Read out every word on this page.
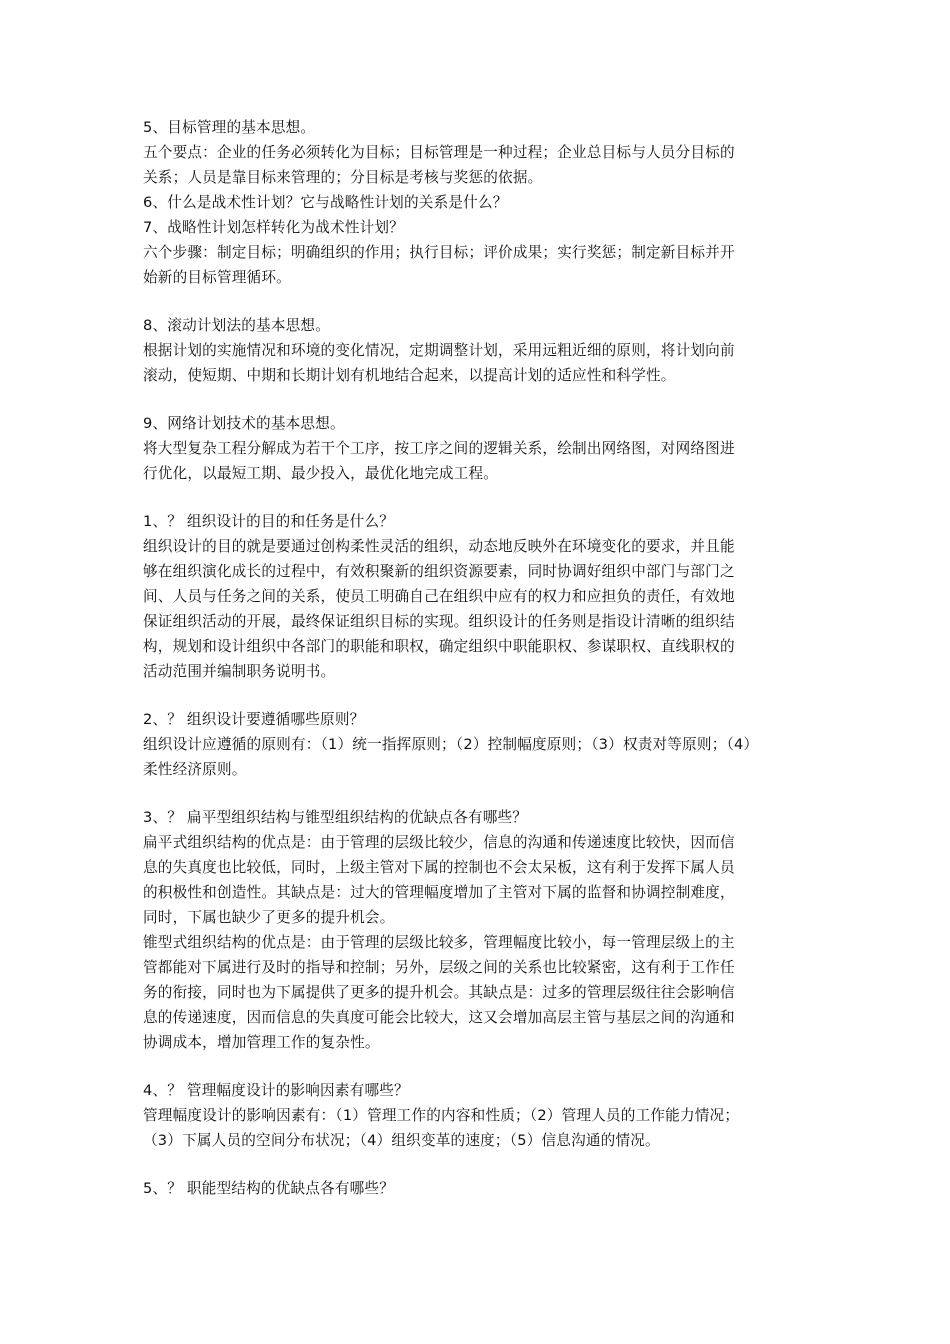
5、目标管理的基本思想。
五个要点：企业的任务必须转化为目标；目标管理是一种过程；企业总目标与人员分目标的
关系；人员是靠目标来管理的；分目标是考核与奖惩的依据。
6、什么是战术性计划？它与战略性计划的关系是什么？
7、战略性计划怎样转化为战术性计划？
六个步骤：制定目标；明确组织的作用；执行目标；评价成果；实行奖惩；制定新目标并开
始新的目标管理循环。
8、滚动计划法的基本思想。
根据计划的实施情况和环境的变化情况，定期调整计划，采用远粗近细的原则，将计划向前
滚动，使短期、中期和长期计划有机地结合起来，以提高计划的适应性和科学性。
9、网络计划技术的基本思想。
将大型复杂工程分解成为若干个工序，按工序之间的逻辑关系，绘制出网络图，对网络图进
行优化，以最短工期、最少投入，最优化地完成工程。
1、？ 组织设计的目的和任务是什么？
组织设计的目的就是要通过创构柔性灵活的组织，动态地反映外在环境变化的要求，并且能
够在组织演化成长的过程中，有效积聚新的组织资源要素，同时协调好组织中部门与部门之
间、人员与任务之间的关系，使员工明确自己在组织中应有的权力和应担负的责任，有效地
保证组织活动的开展，最终保证组织目标的实现。组织设计的任务则是指设计清晰的组织结
构，规划和设计组织中各部门的职能和职权，确定组织中职能职权、参谋职权、直线职权的
活动范围并编制职务说明书。
2、？ 组织设计要遵循哪些原则？
组织设计应遵循的原则有：（1）统一指挥原则；（2）控制幅度原则；（3）权责对等原则；（4）
柔性经济原则。
3、？ 扁平型组织结构与锥型组织结构的优缺点各有哪些？
扁平式组织结构的优点是：由于管理的层级比较少，信息的沟通和传递速度比较快，因而信
息的失真度也比较低，同时，上级主管对下属的控制也不会太呆板，这有利于发挥下属人员
的积极性和创造性。其缺点是：过大的管理幅度增加了主管对下属的监督和协调控制难度，
同时，下属也缺少了更多的提升机会。
锥型式组织结构的优点是：由于管理的层级比较多，管理幅度比较小，每一管理层级上的主
管都能对下属进行及时的指导和控制；另外，层级之间的关系也比较紧密，这有利于工作任
务的衔接，同时也为下属提供了更多的提升机会。其缺点是：过多的管理层级往往会影响信
息的传递速度，因而信息的失真度可能会比较大，这又会增加高层主管与基层之间的沟通和
协调成本，增加管理工作的复杂性。
4、？ 管理幅度设计的影响因素有哪些？
管理幅度设计的影响因素有：（1）管理工作的内容和性质；（2）管理人员的工作能力情况；
（3）下属人员的空间分布状况；（4）组织变革的速度；（5）信息沟通的情况。
5、？ 职能型结构的优缺点各有哪些？
